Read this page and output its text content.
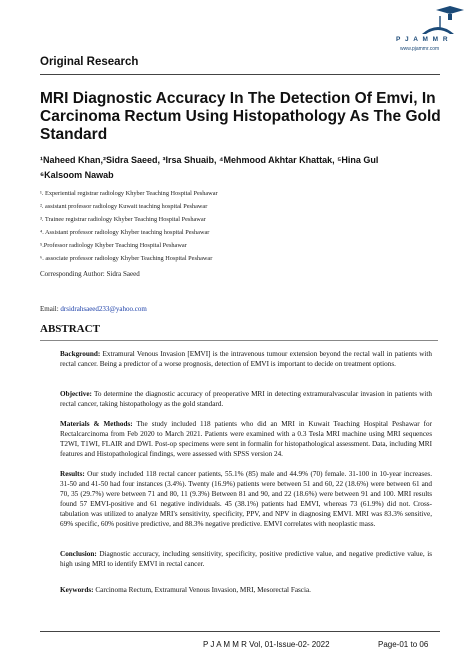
P J A M M R
www.pjammr.com
Original Research
MRI Diagnostic Accuracy In The Detection Of Emvi, In Carcinoma Rectum Using Histopathology As The Gold Standard
¹Naheed Khan,²Sidra Saeed, ³Irsa Shuaib, ⁴Mehmood Akhtar Khattak, ⁵Hina Gul
⁶Kalsoom Nawab
¹. Experiential registrar radiology Khyber Teaching Hospital Peshawar
². assistant professor radiology Kuwait teaching hospital Peshawar
³. Trainee registrar radiology Khyber Teaching Hospital Peshawar
⁴. Assistant professor radiology Khyber teaching hospital Peshawar
⁵.Professor radiology Khyber Teaching Hospital Peshawar
⁶. associate professor radiology Khyber Teaching Hospital Peshawar
Corresponding Author: Sidra Saeed
Email: drsidrahsaeed233@yahoo.com
ABSTRACT

Background: Extramural Venous Invasion [EMVI] is the intravenous tumour extension beyond the rectal wall in patients with rectal cancer. Being a predictor of a worse prognosis, detection of EMVI is important to decide on treatment options.

Objective: To determine the diagnostic accuracy of preoperative MRI in detecting extramuralvascular invasion in patients with rectal cancer, taking histopathology as the gold standard.

Materials & Methods: The study included 118 patients who did an MRI in Kuwait Teaching Hospital Peshawar for Rectalcarcinoma from Feb 2020 to March 2021. Patients were examined with a 0.3 Tesla MRI machine using MRI sequences T2WI, T1WI, FLAIR and DWI. Post-op specimens were sent in formalin for histopathological assessment. Data, including MRI features and Histopathological findings, were assessed with SPSS version 24.

Results: Our study included 118 rectal cancer patients, 55.1% (85) male and 44.9% (70) female. 31-100 in 10-year increases. 31-50 and 41-50 had four instances (3.4%). Twenty (16.9%) patients were between 51 and 60, 22 (18.6%) were between 61 and 70, 35 (29.7%) were between 71 and 80, 11 (9.3%) Between 81 and 90, and 22 (18.6%) were between 91 and 100. MRI results found 57 EMVI-positive and 61 negative individuals. 45 (38.1%) patients had EMVI, whereas 73 (61.9%) did not. Cross-tabulation was utilized to analyze MRI's sensitivity, specificity, PPV, and NPV in diagnosing EMVI. MRI was 83.3% sensitive, 69% specific, 60% positive predictive, and 88.3% negative predictive. EMVI correlates with neoplastic mass.

Conclusion: Diagnostic accuracy, including sensitivity, specificity, positive predictive value, and negative predictive value, is high using MRI to identify EMVI in rectal cancer.

Keywords: Carcinoma Rectum, Extramural Venous Invasion, MRI, Mesorectal Fascia.
P J A M M R Vol, 01-Issue-02- 2022	Page-01 to 06
